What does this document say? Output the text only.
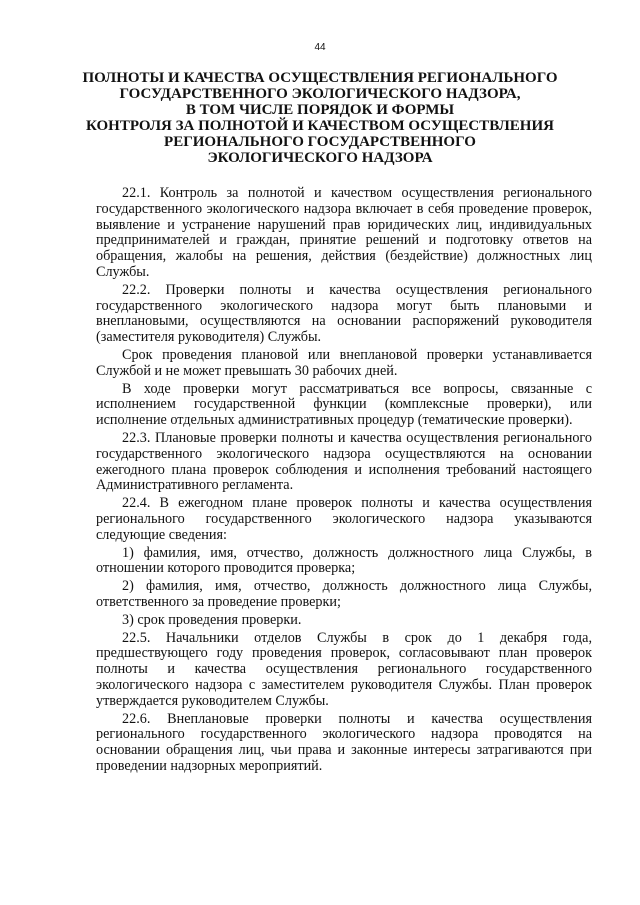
44
ПОЛНОТЫ И КАЧЕСТВА ОСУЩЕСТВЛЕНИЯ РЕГИОНАЛЬНОГО
ГОСУДАРСТВЕННОГО ЭКОЛОГИЧЕСКОГО НАДЗОРА,
В ТОМ ЧИСЛЕ ПОРЯДОК И ФОРМЫ
КОНТРОЛЯ ЗА ПОЛНОТОЙ И КАЧЕСТВОМ ОСУЩЕСТВЛЕНИЯ
РЕГИОНАЛЬНОГО ГОСУДАРСТВЕННОГО
ЭКОЛОГИЧЕСКОГО НАДЗОРА

22.1. Контроль за полнотой и качеством осуществления регионального государственного экологического надзора включает в себя проведение проверок, выявление и устранение нарушений прав юридических лиц, индивидуальных предпринимателей и граждан, принятие решений и подготовку ответов на обращения, жалобы на решения, действия (бездействие) должностных лиц Службы.

22.2. Проверки полноты и качества осуществления регионального государственного экологического надзора могут быть плановыми и внеплановыми, осуществляются на основании распоряжений руководителя (заместителя руководителя) Службы.

Срок проведения плановой или внеплановой проверки устанавливается Службой и не может превышать 30 рабочих дней.

В ходе проверки могут рассматриваться все вопросы, связанные с исполнением государственной функции (комплексные проверки), или исполнение отдельных административных процедур (тематические проверки).

22.3. Плановые проверки полноты и качества осуществления регионального государственного экологического надзора осуществляются на основании ежегодного плана проверок соблюдения и исполнения требований настоящего Административного регламента.

22.4. В ежегодном плане проверок полноты и качества осуществления регионального государственного экологического надзора указываются следующие сведения:

1) фамилия, имя, отчество, должность должностного лица Службы, в отношении которого проводится проверка;

2) фамилия, имя, отчество, должность должностного лица Службы, ответственного за проведение проверки;

3) срок проведения проверки.

22.5. Начальники отделов Службы в срок до 1 декабря года, предшествующего году проведения проверок, согласовывают план проверок полноты и качества осуществления регионального государственного экологического надзора с заместителем руководителя Службы. План проверок утверждается руководителем Службы.

22.6. Внеплановые проверки полноты и качества осуществления регионального государственного экологического надзора проводятся на основании обращения лиц, чьи права и законные интересы затрагиваются при проведении надзорных мероприятий.
